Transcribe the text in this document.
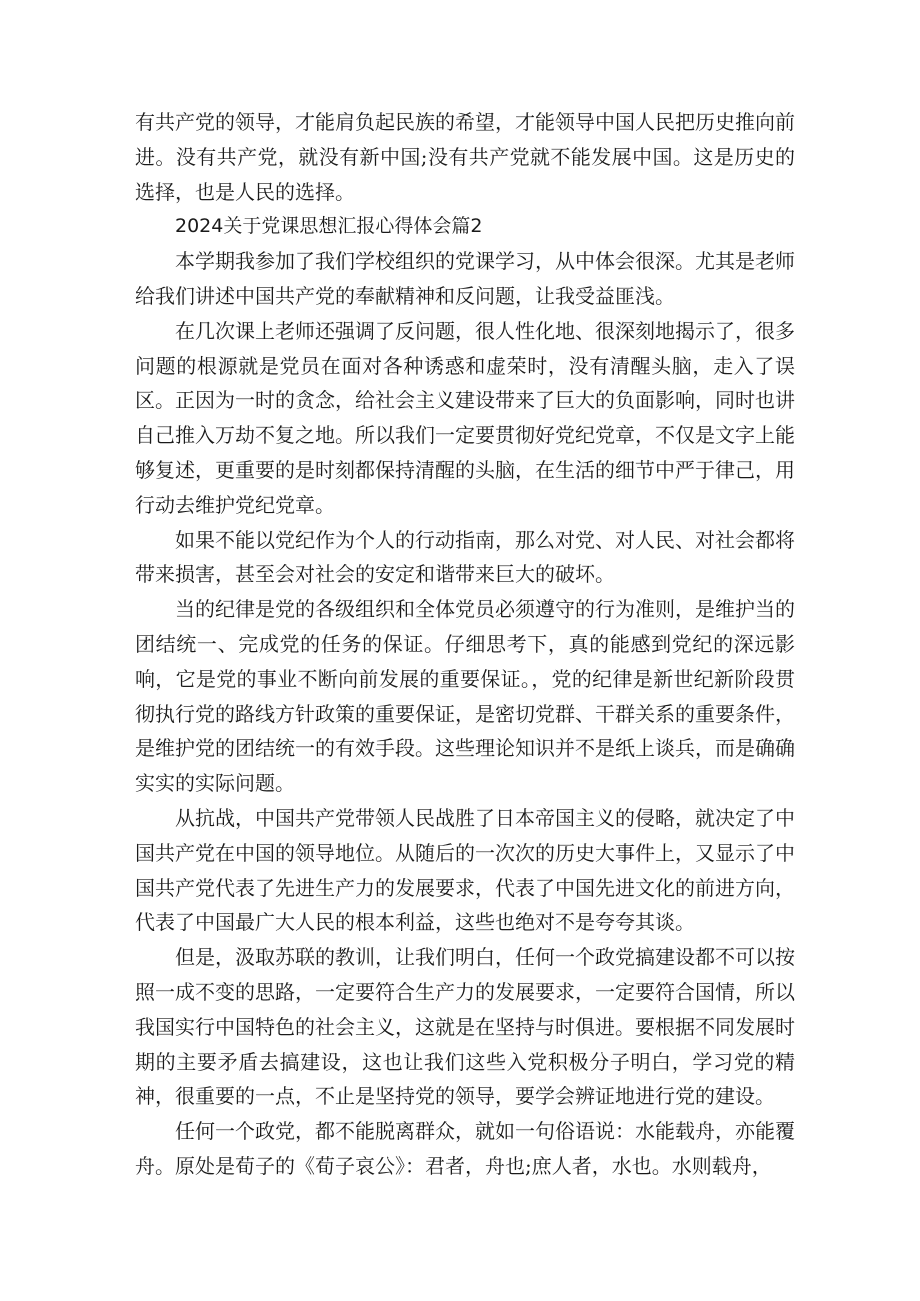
有共产党的领导，才能肩负起民族的希望，才能领导中国人民把历史推向前进。没有共产党，就没有新中国;没有共产党就不能发展中国。这是历史的选择，也是人民的选择。

2024关于党课思想汇报心得体会篇2

本学期我参加了我们学校组织的党课学习，从中体会很深。尤其是老师给我们讲述中国共产党的奉献精神和反问题，让我受益匪浅。

在几次课上老师还强调了反问题，很人性化地、很深刻地揭示了，很多问题的根源就是党员在面对各种诱惑和虚荣时，没有清醒头脑，走入了误区。正因为一时的贪念，给社会主义建设带来了巨大的负面影响，同时也讲自己推入万劫不复之地。所以我们一定要贯彻好党纪党章，不仅是文字上能够复述，更重要的是时刻都保持清醒的头脑，在生活的细节中严于律己，用行动去维护党纪党章。

如果不能以党纪作为个人的行动指南，那么对党、对人民、对社会都将带来损害，甚至会对社会的安定和谐带来巨大的破坏。

当的纪律是党的各级组织和全体党员必须遵守的行为准则，是维护当的团结统一、完成党的任务的保证。仔细思考下，真的能感到党纪的深远影响，它是党的事业不断向前发展的重要保证。，党的纪律是新世纪新阶段贯彻执行党的路线方针政策的重要保证，是密切党群、干群关系的重要条件，是维护党的团结统一的有效手段。这些理论知识并不是纸上谈兵，而是确确实实的实际问题。

从抗战，中国共产党带领人民战胜了日本帝国主义的侵略，就决定了中国共产党在中国的领导地位。从随后的一次次的历史大事件上，又显示了中国共产党代表了先进生产力的发展要求，代表了中国先进文化的前进方向，代表了中国最广大人民的根本利益，这些也绝对不是夸夸其谈。

但是，汲取苏联的教训，让我们明白，任何一个政党搞建设都不可以按照一成不变的思路，一定要符合生产力的发展要求，一定要符合国情，所以我国实行中国特色的社会主义，这就是在坚持与时俱进。要根据不同发展时期的主要矛盾去搞建设，这也让我们这些入党积极分子明白，学习党的精神，很重要的一点，不止是坚持党的领导，要学会辨证地进行党的建设。

任何一个政党，都不能脱离群众，就如一句俗语说：水能载舟，亦能覆舟。原处是荀子的《荀子哀公》：君者，舟也;庶人者，水也。水则载舟，
